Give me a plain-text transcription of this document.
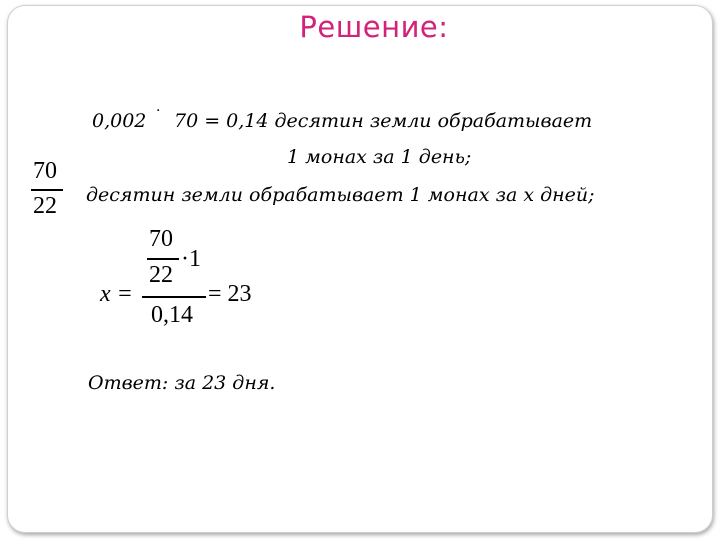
Решение:
0,002 · 70 = 0,14 десятин земли обрабатывает
1 монах за 1 день;
70
22 десятин земли обрабатывает 1 монах за x дней;
x =
70
22
·1
0,14
= 23
Ответ: за 23 дня.
